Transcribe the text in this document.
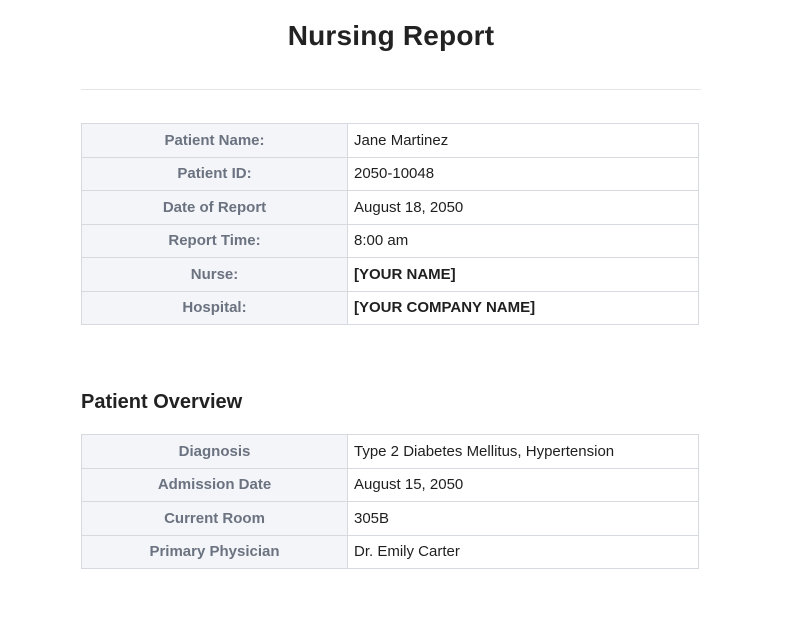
Nursing Report
Patient Name:	Jane Martinez
Patient ID:	2050-10048
Date of Report	August 18, 2050
Report Time:	8:00 am
Nurse:	[YOUR NAME]
Hospital:	[YOUR COMPANY NAME]
Patient Overview
Diagnosis	Type 2 Diabetes Mellitus, Hypertension
Admission Date	August 15, 2050
Current Room	305B
Primary Physician	Dr. Emily Carter
